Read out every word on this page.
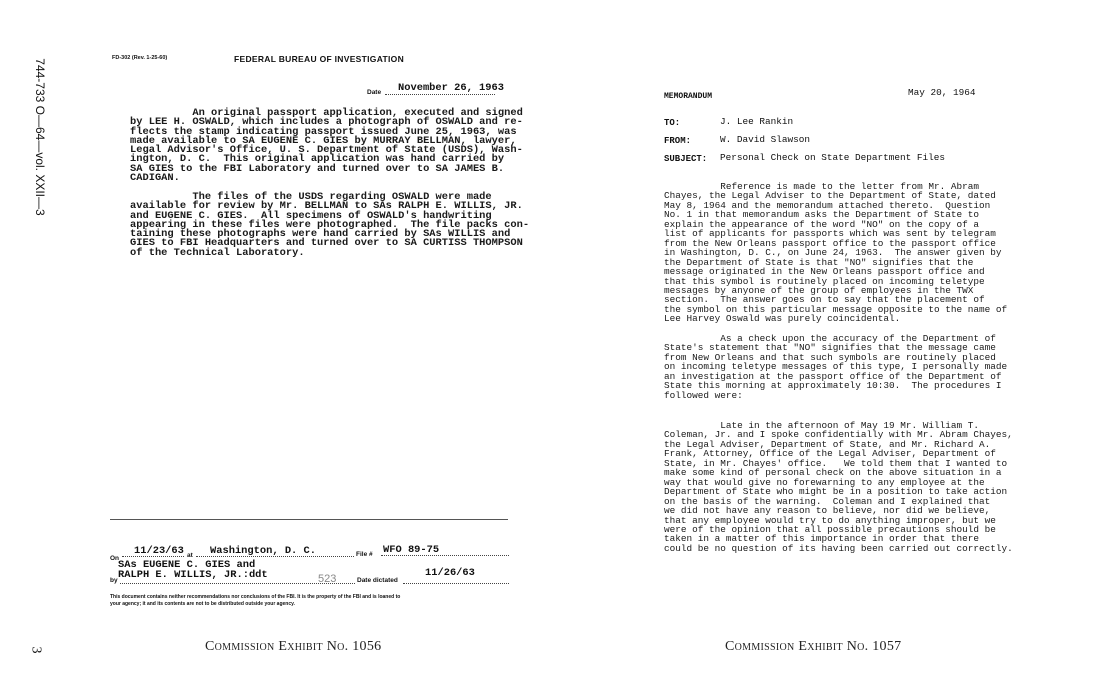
744-733 O—64—vol. XXII—3
3
FD-302 (Rev. 1-25-60)	FEDERAL BUREAU OF INVESTIGATION
Date November 26, 1963
An original passport application, executed and signed
by LEE H. OSWALD, which includes a photograph of OSWALD and re-
flects the stamp indicating passport issued June 25, 1963, was
made available to SA EUGENE C. GIES by MURRAY BELLMAN, lawyer,
Legal Advisor's Office, U. S. Department of State (USDS), Wash-
ington, D. C.  This original application was hand carried by
SA GIES to the FBI Laboratory and turned over to SA JAMES B.
CADIGAN.
The files of the USDS regarding OSWALD were made
available for review by Mr. BELLMAN to SAs RALPH E. WILLIS, JR.
and EUGENE C. GIES.  All specimens of OSWALD's handwriting
appearing in these files were photographed.  The file packs con-
taining these photographs were hand carried by SAs WILLIS and
GIES to FBI Headquarters and turned over to SA CURTISS THOMPSON
of the Technical Laboratory.
On
11/23/63 at Washington, D. C.	File # WFO 89-75
SAs EUGENE C. GIES and
RALPH E. WILLIS, JR.:ddt
by	523	Date dictated
11/26/63
This document contains neither recommendations nor conclusions of the FBI. It is the property of the FBI and is loaned to
your agency; it and its contents are not to be distributed outside your agency.
Commission Exhibit No. 1056
MEMORANDUM	May 20, 1964
TO:	J. Lee Rankin
FROM:	W. David Slawson
SUBJECT: Personal Check on State Department Files
Reference is made to the letter from Mr. Abram
Chayes, the Legal Adviser to the Department of State, dated
May 8, 1964 and the memorandum attached thereto.  Question
No. 1 in that memorandum asks the Department of State to
explain the appearance of the word "NO" on the copy of a
list of applicants for passports which was sent by telegram
from the New Orleans passport office to the passport office
in Washington, D. C., on June 24, 1963.  The answer given by
the Department of State is that "NO" signifies that the
message originated in the New Orleans passport office and
that this symbol is routinely placed on incoming teletype
messages by anyone of the group of employees in the TWX
section.  The answer goes on to say that the placement of
the symbol on this particular message opposite to the name of
Lee Harvey Oswald was purely coincidental.
As a check upon the accuracy of the Department of
State's statement that "NO" signifies that the message came
from New Orleans and that such symbols are routinely placed
on incoming teletype messages of this type, I personally made
an investigation at the passport office of the Department of
State this morning at approximately 10:30.  The procedures I
followed were:
Late in the afternoon of May 19 Mr. William T.
Coleman, Jr. and I spoke confidentially with Mr. Abram Chayes,
the Legal Adviser, Department of State, and Mr. Richard A.
Frank, Attorney, Office of the Legal Adviser, Department of
State, in Mr. Chayes' office.   We told them that I wanted to
make some kind of personal check on the above situation in a
way that would give no forewarning to any employee at the
Department of State who might be in a position to take action
on the basis of the warning.  Coleman and I explained that
we did not have any reason to believe, nor did we believe,
that any employee would try to do anything improper, but we
were of the opinion that all possible precautions should be
taken in a matter of this importance in order that there
could be no question of its having been carried out correctly.
Commission Exhibit No. 1057
